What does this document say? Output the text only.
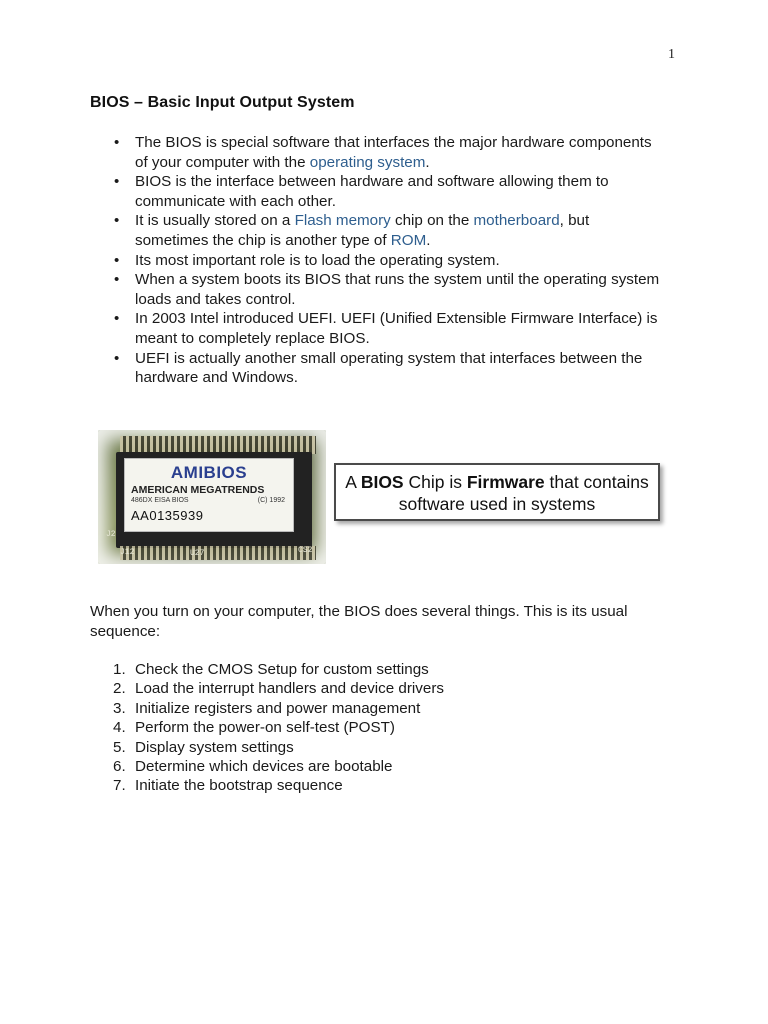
1
BIOS – Basic Input Output System
• The BIOS is special software that interfaces the major hardware components of your computer with the operating system.
• BIOS is the interface between hardware and software allowing them to communicate with each other.
• It is usually stored on a Flash memory chip on the motherboard, but sometimes the chip is another type of ROM.
• Its most important role is to load the operating system.
• When a system boots its BIOS that runs the system until the operating system loads and takes control.
• In 2003 Intel introduced UEFI. UEFI (Unified Extensible Firmware Interface) is meant to completely replace BIOS.
• UEFI is actually another small operating system that interfaces between the hardware and Windows.
AMIBIOS
AMERICAN MEGATRENDS
486DX EISA BIOS	(C) 1992
AA0135939
J12	U27	CS2
J2
A BIOS Chip is Firmware that contains software used in systems
When you turn on your computer, the BIOS does several things. This is its usual sequence:
1. Check the CMOS Setup for custom settings
2. Load the interrupt handlers and device drivers
3. Initialize registers and power management
4. Perform the power-on self-test (POST)
5. Display system settings
6. Determine which devices are bootable
7. Initiate the bootstrap sequence
